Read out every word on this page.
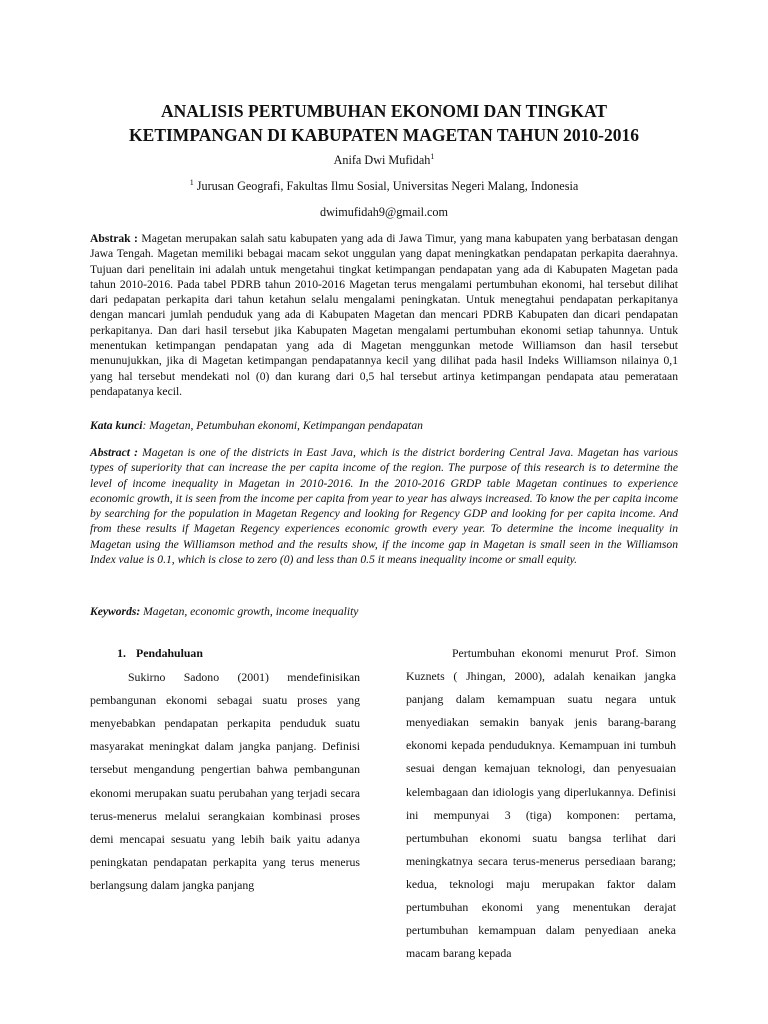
ANALISIS PERTUMBUHAN EKONOMI DAN TINGKAT
KETIMPANGAN DI KABUPATEN MAGETAN TAHUN 2010-2016
Anifa Dwi Mufidah$^1$
$^1$ Jurusan Geografi, Fakultas Ilmu Sosial, Universitas Negeri Malang, Indonesia
dwimufidah9@gmail.com

Abstrak : Magetan merupakan salah satu kabupaten yang ada di Jawa Timur, yang mana kabupaten yang berbatasan dengan Jawa Tengah. Magetan memiliki bebagai macam sekot unggulan yang dapat meningkatkan pendapatan perkapita daerahnya. Tujuan dari penelitain ini adalah untuk mengetahui tingkat ketimpangan pendapatan yang ada di Kabupaten Magetan pada tahun 2010-2016. Pada tabel PDRB tahun 2010-2016 Magetan terus mengalami pertumbuhan ekonomi, hal tersebut dilihat dari pedapatan perkapita dari tahun ketahun selalu mengalami peningkatan. Untuk menegtahui pendapatan perkapitanya dengan mancari jumlah penduduk yang ada di Kabupaten Magetan dan mencari PDRB Kabupaten dan dicari pendapatan perkapitanya. Dan dari hasil tersebut jika Kabupaten Magetan mengalami pertumbuhan ekonomi setiap tahunnya. Untuk menentukan ketimpangan pendapatan yang ada di Magetan menggunkan metode Williamson dan hasil tersebut menunujukkan, jika di Magetan ketimpangan pendapatannya kecil yang dilihat pada hasil Indeks Williamson nilainya 0,1 yang hal tersebut mendekati nol (0) dan kurang dari 0,5 hal tersebut artinya ketimpangan pendapata atau pemerataan pendapatanya kecil.

Kata kunci: Magetan, Petumbuhan ekonomi, Ketimpangan pendapatan

Abstract : Magetan is one of the districts in East Java, which is the district bordering Central Java. Magetan has various types of superiority that can increase the per capita income of the region. The purpose of this research is to determine the level of income inequality in Magetan in 2010-2016. In the 2010-2016 GRDP table Magetan continues to experience economic growth, it is seen from the income per capita from year to year has always increased. To know the per capita income by searching for the population in Magetan Regency and looking for Regency GDP and looking for per capita income. And from these results if Magetan Regency experiences economic growth every year. To determine the income inequality in Magetan using the Williamson method and the results show, if the income gap in Magetan is small seen in the Williamson Index value is 0.1, which is close to zero (0) and less than 0.5 it means inequality income or small equity.

Keywords: Magetan, economic growth, income inequality

1. Pendahuluan

Sukirno Sadono (2001) mendefinisikan pembangunan ekonomi sebagai suatu proses yang menyebabkan pendapatan perkapita penduduk suatu masyarakat meningkat dalam jangka panjang. Definisi tersebut mengandung pengertian bahwa pembangunan ekonomi merupakan suatu perubahan yang terjadi secara terus-menerus melalui serangkaian kombinasi proses demi mencapai sesuatu yang lebih baik yaitu adanya peningkatan pendapatan perkapita yang terus menerus berlangsung dalam jangka panjang

Pertumbuhan ekonomi menurut Prof. Simon Kuznets ( Jhingan, 2000), adalah kenaikan jangka panjang dalam kemampuan suatu negara untuk menyediakan semakin banyak jenis barang-barang ekonomi kepada penduduknya. Kemampuan ini tumbuh sesuai dengan kemajuan teknologi, dan penyesuaian kelembagaan dan idiologis yang diperlukannya. Definisi ini mempunyai 3 (tiga) komponen: pertama, pertumbuhan ekonomi suatu bangsa terlihat dari meningkatnya secara terus-menerus persediaan barang; kedua, teknologi maju merupakan faktor dalam pertumbuhan ekonomi yang menentukan derajat pertumbuhan kemampuan dalam penyediaan aneka macam barang kepada
